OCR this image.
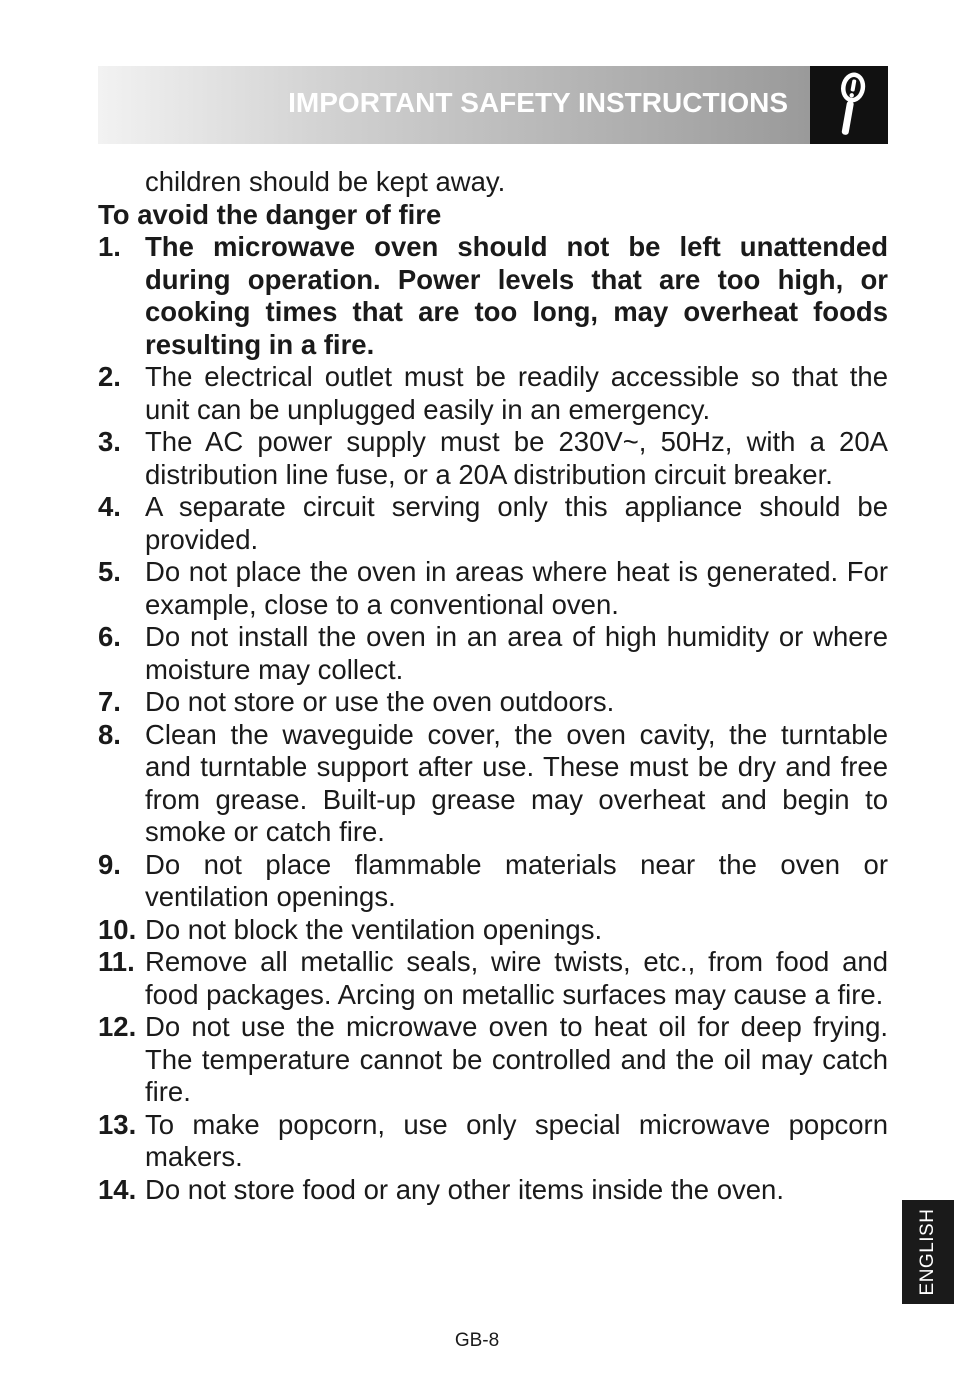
IMPORTANT SAFETY INSTRUCTIONS
children should be kept away.
To avoid the danger of fire
1. The microwave oven should not be left unattended during operation. Power levels that are too high, or cooking times that are too long, may overheat foods resulting in a fire.
2. The electrical outlet must be readily accessible so that the unit can be unplugged easily in an emergency.
3. The AC power supply must be 230V~, 50Hz, with a 20A distribution line fuse, or a 20A distribution circuit breaker.
4. A separate circuit serving only this appliance should be provided.
5. Do not place the oven in areas where heat is generated. For example, close to a conventional oven.
6. Do not install the oven in an area of high humidity or where moisture may collect.
7. Do not store or use the oven outdoors.
8. Clean the waveguide cover, the oven cavity, the turntable and turntable support after use. These must be dry and free from grease. Built-up grease may overheat and begin to smoke or catch fire.
9. Do not place flammable materials near the oven or ventilation openings.
10. Do not block the ventilation openings.
11. Remove all metallic seals, wire twists, etc., from food and food packages. Arcing on metallic surfaces may cause a fire.
12. Do not use the microwave oven to heat oil for deep frying. The temperature cannot be controlled and the oil may catch fire.
13. To make popcorn, use only special microwave popcorn makers.
14. Do not store food or any other items inside the oven.
ENGLISH
GB-8
